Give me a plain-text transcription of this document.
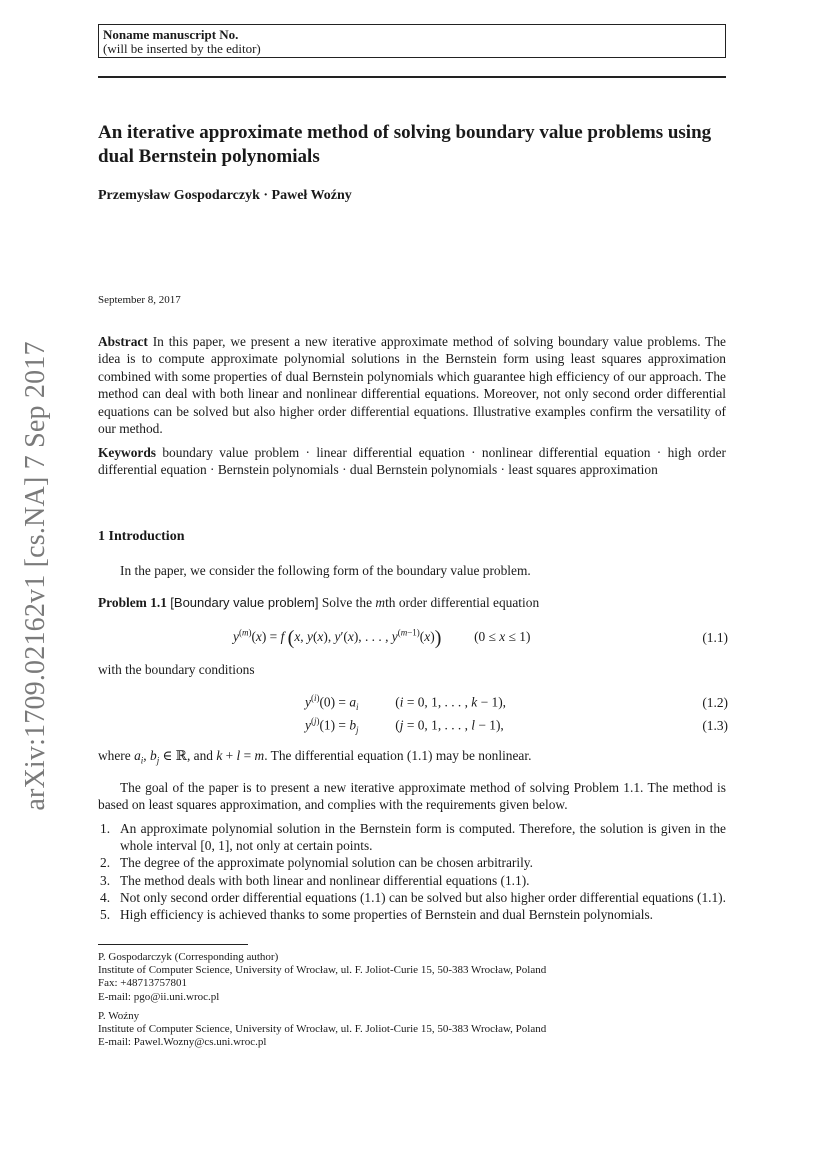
Noname manuscript No.
(will be inserted by the editor)
arXiv:1709.02162v1 [cs.NA] 7 Sep 2017
An iterative approximate method of solving boundary value problems using dual Bernstein polynomials
Przemysław Gospodarczyk · Paweł Woźny
September 8, 2017
Abstract In this paper, we present a new iterative approximate method of solving boundary value problems. The idea is to compute approximate polynomial solutions in the Bernstein form using least squares approximation combined with some properties of dual Bernstein polynomials which guarantee high efficiency of our approach. The method can deal with both linear and nonlinear differential equations. Moreover, not only second order differential equations can be solved but also higher order differential equations. Illustrative examples confirm the versatility of our method.
Keywords boundary value problem · linear differential equation · nonlinear differential equation · high order differential equation · Bernstein polynomials · dual Bernstein polynomials · least squares approximation
1 Introduction
In the paper, we consider the following form of the boundary value problem.
Problem 1.1 [Boundary value problem] Solve the mth order differential equation
$y^{(m)}(x) = f$ (x, y(x), y′(x), . . . , $y^{(m-1)}(x)$) (0 ≤ x ≤ 1)	(1.1)
with the boundary conditions
$y^{(i)}(0) = a_i$	(i = 0, 1, . . . , k − 1),	(1.2)
$y^{(j)}(1) = b_j$	(j = 0, 1, . . . , l − 1),	(1.3)
where $a_i$, $b_j$ ∈ ℝ, and k + l = m. The differential equation (1.1) may be nonlinear.
The goal of the paper is to present a new iterative approximate method of solving Problem 1.1. The method is based on least squares approximation, and complies with the requirements given below.
1. An approximate polynomial solution in the Bernstein form is computed. Therefore, the solution is given in the whole interval [0, 1], not only at certain points.
2. The degree of the approximate polynomial solution can be chosen arbitrarily.
3. The method deals with both linear and nonlinear differential equations (1.1).
4. Not only second order differential equations (1.1) can be solved but also higher order differential equations (1.1).
5. High efficiency is achieved thanks to some properties of Bernstein and dual Bernstein polynomials.
P. Gospodarczyk (Corresponding author)
Institute of Computer Science, University of Wrocław, ul. F. Joliot-Curie 15, 50-383 Wrocław, Poland
Fax: +48713757801
E-mail: pgo@ii.uni.wroc.pl
P. Woźny
Institute of Computer Science, University of Wrocław, ul. F. Joliot-Curie 15, 50-383 Wrocław, Poland
E-mail: Pawel.Wozny@cs.uni.wroc.pl
